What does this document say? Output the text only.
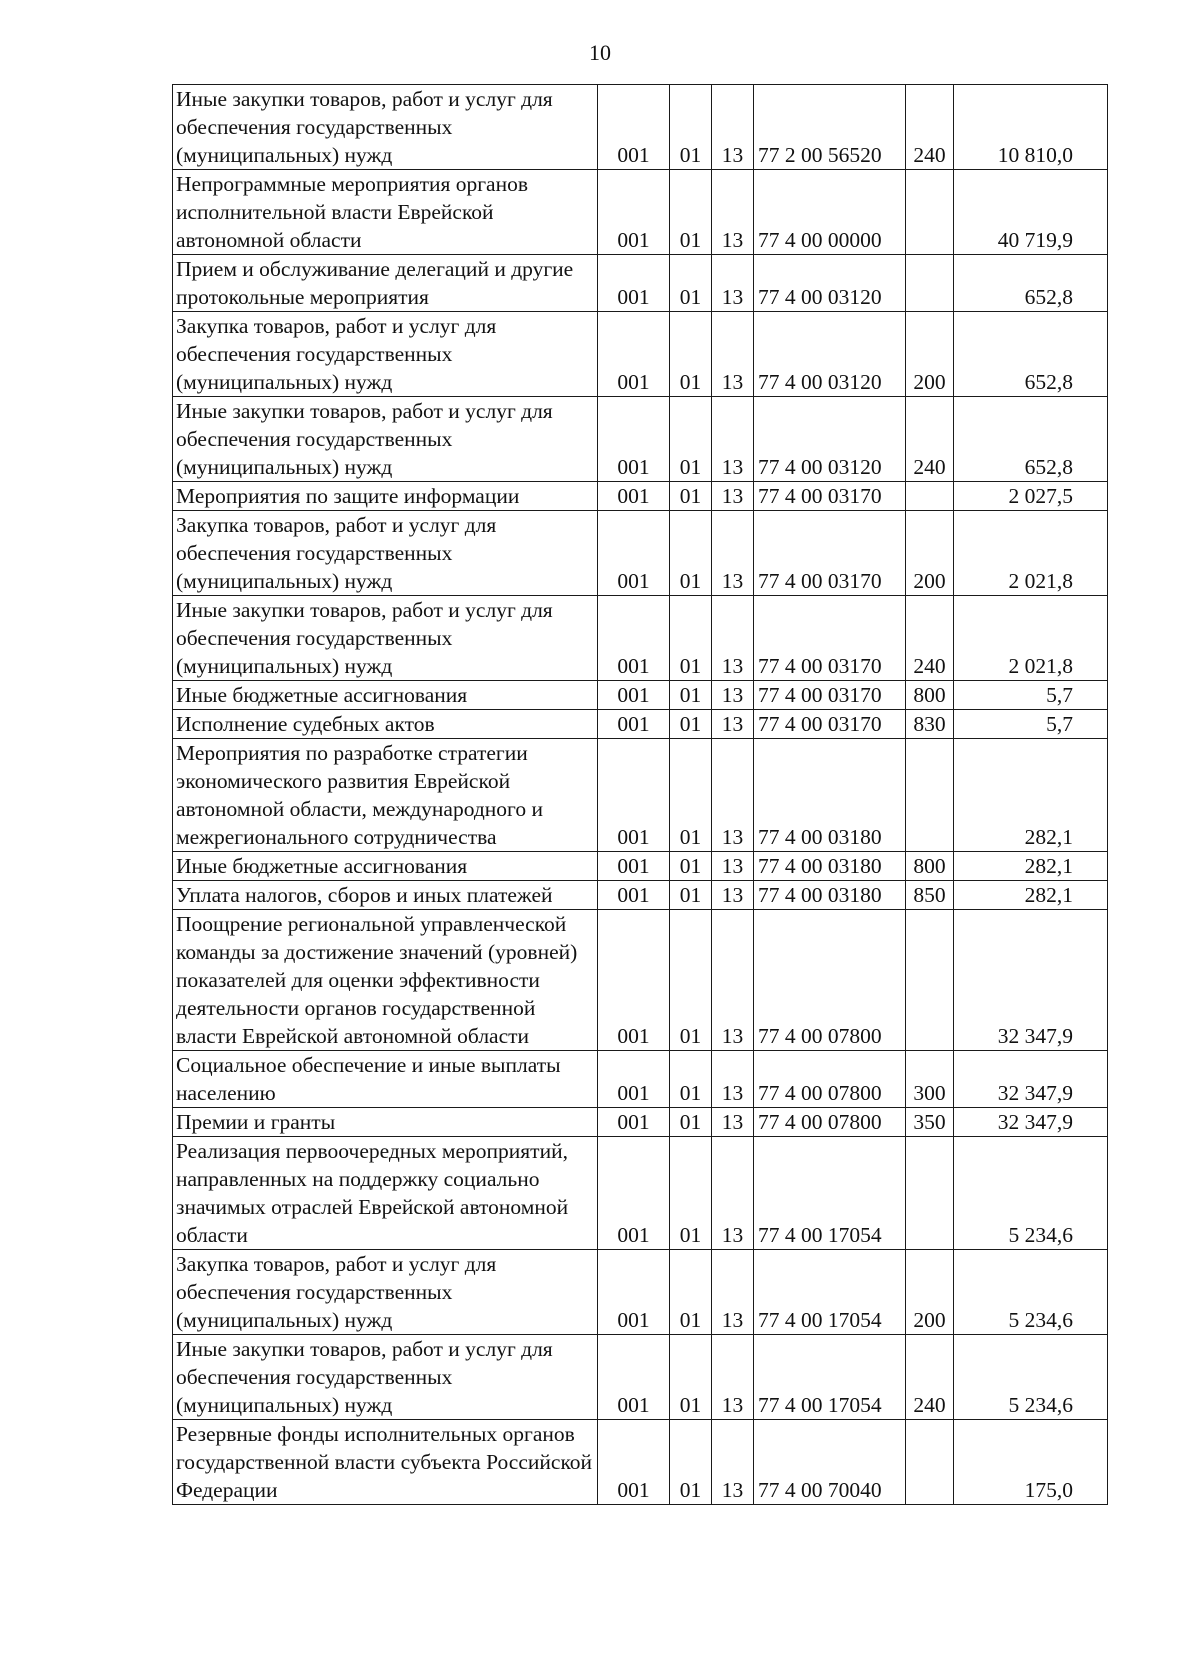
10
Иные закупки товаров, работ и услуг для обеспечения государственных (муниципальных) нужд	001	01	13	77 2 00 56520	240	10 810,0
Непрограммные мероприятия органов исполнительной власти Еврейской автономной области	001	01	13	77 4 00 00000		40 719,9
Прием и обслуживание делегаций и другие протокольные мероприятия	001	01	13	77 4 00 03120		652,8
Закупка товаров, работ и услуг для обеспечения государственных (муниципальных) нужд	001	01	13	77 4 00 03120	200	652,8
Иные закупки товаров, работ и услуг для обеспечения государственных (муниципальных) нужд	001	01	13	77 4 00 03120	240	652,8
Мероприятия по защите информации	001	01	13	77 4 00 03170		2 027,5
Закупка товаров, работ и услуг для обеспечения государственных (муниципальных) нужд	001	01	13	77 4 00 03170	200	2 021,8
Иные закупки товаров, работ и услуг для обеспечения государственных (муниципальных) нужд	001	01	13	77 4 00 03170	240	2 021,8
Иные бюджетные ассигнования	001	01	13	77 4 00 03170	800	5,7
Исполнение судебных актов	001	01	13	77 4 00 03170	830	5,7
Мероприятия по разработке стратегии экономического развития Еврейской автономной области, международного и межрегионального сотрудничества	001	01	13	77 4 00 03180		282,1
Иные бюджетные ассигнования	001	01	13	77 4 00 03180	800	282,1
Уплата налогов, сборов и иных платежей	001	01	13	77 4 00 03180	850	282,1
Поощрение региональной управленческой команды за достижение значений (уровней) показателей для оценки эффективности деятельности органов государственной власти Еврейской автономной области	001	01	13	77 4 00 07800		32 347,9
Социальное обеспечение и иные выплаты населению	001	01	13	77 4 00 07800	300	32 347,9
Премии и гранты	001	01	13	77 4 00 07800	350	32 347,9
Реализация первоочередных мероприятий, направленных на поддержку социально значимых отраслей Еврейской автономной области	001	01	13	77 4 00 17054		5 234,6
Закупка товаров, работ и услуг для обеспечения государственных (муниципальных) нужд	001	01	13	77 4 00 17054	200	5 234,6
Иные закупки товаров, работ и услуг для обеспечения государственных (муниципальных) нужд	001	01	13	77 4 00 17054	240	5 234,6
Резервные фонды исполнительных органов государственной власти субъекта Российской Федерации	001	01	13	77 4 00 70040		175,0
